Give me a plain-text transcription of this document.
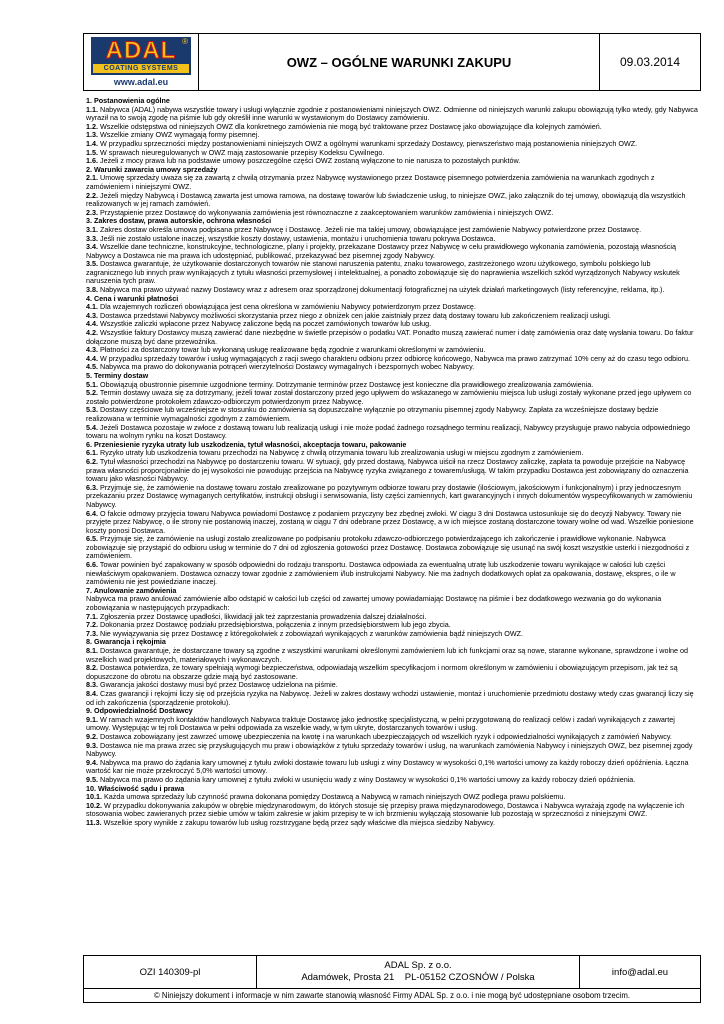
ADAL ®
COATING SYSTEMS
www.adal.eu
OWZ – OGÓLNE WARUNKI ZAKUPU	09.03.2014

1. Postanowienia ogólne

1.1. Nabywca (ADAL) nabywa wszystkie towary i usługi wyłącznie zgodnie z postanowieniami niniejszych OWZ. Odmienne od niniejszych warunki zakupu obowiązują tylko wtedy, gdy Nabywca wyraził na to swoją zgodę na piśmie lub gdy określił inne warunki w wystawionym do Dostawcy zamówieniu.

1.2. Wszelkie odstępstwa od niniejszych OWZ dla konkretnego zamówienia nie mogą być traktowane przez Dostawcę jako obowiązujące dla kolejnych zamówień.

1.3. Wszelkie zmiany OWZ wymagają formy pisemnej.

1.4. W przypadku sprzeczności między postanowieniami niniejszych OWZ a ogólnymi warunkami sprzedaży Dostawcy, pierwszeństwo mają postanowienia niniejszych OWZ.

1.5. W sprawach nieuregulowanych w OWZ mają zastosowanie przepisy Kodeksu Cywilnego.

1.6. Jeżeli z mocy prawa lub na podstawie umowy poszczególne części OWZ zostaną wyłączone to nie narusza to pozostałych punktów.

2. Warunki zawarcia umowy sprzedaży

2.1. Umowę sprzedaży uważa się za zawartą z chwilą otrzymania przez Nabywcę wystawionego przez Dostawcę pisemnego potwierdzenia zamówienia na warunkach zgodnych z zamówieniem i niniejszymi OWZ.

2.2. Jeżeli między Nabywcą i Dostawcą zawarta jest umowa ramowa, na dostawę towarów lub świadczenie usług, to niniejsze OWZ, jako załącznik do tej umowy, obowiązują dla wszystkich realizowanych w jej ramach zamówień.

2.3. Przystąpienie przez Dostawcę do wykonywania zamówienia jest równoznaczne z zaakceptowaniem warunków zamówienia i niniejszych OWZ.

3. Zakres dostaw, prawa autorskie, ochrona własności

3.1. Zakres dostaw określa umowa podpisana przez Nabywcę i Dostawcę. Jeżeli nie ma takiej umowy, obowiązujące jest zamówienie Nabywcy potwierdzone przez Dostawcę.

3.3. Jeśli nie zostało ustalone inaczej, wszystkie koszty dostawy, ustawienia, montażu i uruchomienia towaru pokrywa Dostawca.

3.4. Wszelkie dane techniczne, konstrukcyjne, technologiczne, plany i projekty, przekazane Dostawcy przez Nabywcę w celu prawidłowego wykonania zamówienia, pozostają własnością Nabywcy a Dostawca nie ma prawa ich udostępniać, publikować, przekazywać bez pisemnej zgody Nabywcy.

3.5. Dostawca gwarantuje, że użytkowanie dostarczonych towarów nie stanowi naruszenia patentu, znaku towarowego, zastrzeżonego wzoru użytkowego, symbolu polskiego lub zagranicznego lub innych praw wynikających z tytułu własności przemysłowej i intelektualnej, a ponadto zobowiązuje się do naprawienia wszelkich szkód wyrządzonych Nabywcy wskutek naruszenia tych praw.

3.8. Nabywca ma prawo używać nazwy Dostawcy wraz z adresem oraz sporządzonej dokumentacji fotograficznej na użytek działań marketingowych (listy referencyjne, reklama, itp.).

4. Cena i warunki płatności

4.1. Dla wzajemnych rozliczeń obowiązująca jest cena określona w zamówieniu Nabywcy potwierdzonym przez Dostawcę.

4.3. Dostawca przedstawi Nabywcy możliwości skorzystania przez niego z obniżek cen jakie zaistniały przez datą dostawy towaru lub zakończeniem realizacji usługi.

4.4. Wszystkie zaliczki wpłacone przez Nabywcę zaliczone będą na poczet zamówionych towarów lub usług.

4.2. Wszystkie faktury Dostawcy muszą zawierać dane niezbędne w świetle przepisów o podatku VAT. Ponadto muszą zawierać numer i datę zamówienia oraz datę wysłania towaru. Do faktur dołączone muszą być dane przewoźnika.

4.3. Płatności za dostarczony towar lub wykonaną usługę realizowane będą zgodnie z warunkami określonymi w zamówieniu.

4.4. W przypadku sprzedaży towarów i usług wymagających z racji swego charakteru odbioru przez odbiorcę końcowego, Nabywca ma prawo zatrzymać 10% ceny aż do czasu tego odbioru.

4.5. Nabywca ma prawo do dokonywania potrąceń wierzytelności Dostawcy wymagalnych i bezspornych wobec Nabywcy.

5. Terminy dostaw

5.1. Obowiązują obustronnie pisemnie uzgodnione terminy. Dotrzymanie terminów przez Dostawcę jest konieczne dla prawidłowego zrealizowania zamówienia.

5.2. Termin dostawy uważa się za dotrzymany, jeżeli towar został dostarczony przed jego upływem do wskazanego w zamówieniu miejsca lub usługi zostały wykonane przed jego upływem co zostało potwierdzone protokołem zdawczo-odbiorczym potwierdzonym przez Nabywcę.

5.3. Dostawy częściowe lub wcześniejsze w stosunku do zamówienia są dopuszczalne wyłącznie po otrzymaniu pisemnej zgody Nabywcy. Zapłata za wcześniejsze dostawy będzie realizowana w terminie wymagalności zgodnym z zamówieniem.

5.4. Jeżeli Dostawca pozostaje w zwłoce z dostawą towaru lub realizacją usługi i nie może podać żadnego rozsądnego terminu realizacji, Nabywcy przysługuje prawo nabycia odpowiedniego towaru na wolnym rynku na koszt Dostawcy.

6. Przeniesienie ryzyka utraty lub uszkodzenia, tytuł własności, akceptacja towaru, pakowanie

6.1. Ryzyko utraty lub uszkodzenia towaru przechodzi na Nabywcę z chwilą otrzymania towaru lub zrealizowania usługi w miejscu zgodnym z zamówieniem.

6.2. Tytuł własności przechodzi na Nabywcę po dostarczeniu towaru. W sytuacji, gdy przed dostawą, Nabywca uiścił na rzecz Dostawcy zaliczkę, zapłata ta powoduje przejście na Nabywcę prawa własności proporcjonalnie do jej wysokości nie powodując przejścia na Nabywcę ryzyka związanego z towarem/usługą. W takim przypadku Dostawca jest zobowiązany do oznaczenia towaru jako własności Nabywcy.

6.3. Przyjmuje się, że zamówienie na dostawę towaru zostało zrealizowane po pozytywnym odbiorze towaru przy dostawie (ilościowym, jakościowym i funkcjonalnym) i przy jednoczesnym przekazaniu przez Dostawcę wymaganych certyfikatów, instrukcji obsługi i serwisowania, listy części zamiennych, kart gwarancyjnych i innych dokumentów wyspecyfikowanych w zamówieniu Nabywcy.

6.4. O fakcie odmowy przyjęcia towaru Nabywca powiadomi Dostawcę z podaniem przyczyny bez zbędnej zwłoki. W ciągu 3 dni Dostawca ustosunkuje się do decyzji Nabywcy. Towary nie przyjęte przez Nabywcę, o ile strony nie postanowią inaczej, zostaną w ciągu 7 dni odebrane przez Dostawcę, a w ich miejsce zostaną dostarczone towary wolne od wad. Wszelkie poniesione koszty ponosi Dostawca.

6.5. Przyjmuje się, że zamówienie na usługi zostało zrealizowane po podpisaniu protokołu zdawczo-odbiorczego potwierdzającego ich zakończenie i prawidłowe wykonanie. Nabywca zobowiązuje się przystąpić do odbioru usług w terminie do 7 dni od zgłoszenia gotowości przez Dostawcę. Dostawca zobowiązuje się usunąć na swój koszt wszystkie usterki i niezgodności z zamówieniem.

6.6. Towar powinien być zapakowany w sposób odpowiedni do rodzaju transportu. Dostawca odpowiada za ewentualną utratę lub uszkodzenie towaru wynikające w całości lub części niewłaściwym opakowaniem. Dostawca oznaczy towar zgodnie z zamówieniem i/lub instrukcjami Nabywcy. Nie ma żadnych dodatkowych opłat za opakowania, dostawę, ekspres, o ile w zamówieniu nie jest powiedziane inaczej.

7. Anulowanie zamówienia

Nabywca ma prawo anulować zamówienie albo odstąpić w całości lub części od zawartej umowy powiadamiając Dostawcę na piśmie i bez dodatkowego wezwania go do wykonania zobowiązania w następujących przypadkach:

7.1. Zgłoszenia przez Dostawcę upadłości, likwidacji jak też zaprzestania prowadzenia dalszej działalności.

7.2. Dokonania przez Dostawcę podziału przedsiębiorstwa, połączenia z innym przedsiębiorstwem lub jego zbycia.

7.3. Nie wywiązywania się przez Dostawcę z któregokolwiek z zobowiązań wynikających z warunków zamówienia bądź niniejszych OWZ.

8. Gwarancja i rękojmia

8.1. Dostawca gwarantuje, że dostarczane towary są zgodne z wszystkimi warunkami określonymi zamówieniem lub ich funkcjami oraz są nowe, staranne wykonane, sprawdzone i wolne od wszelkich wad projektowych, materiałowych i wykonawczych.

8.2. Dostawca potwierdza, że towary spełniają wymogi bezpieczeństwa, odpowiadają wszelkim specyfikacjom i normom określonym w zamówieniu i obowiązującym przepisom, jak też są dopuszczone do obrotu na obszarze gdzie mają być zastosowane.

8.3. Gwarancja jakości dostawy musi być przez Dostawcę udzielona na piśmie.

8.4. Czas gwarancji i rękojmi liczy się od przejścia ryzyka na Nabywcę. Jeżeli w zakres dostawy wchodzi ustawienie, montaż i uruchomienie przedmiotu dostawy wtedy czas gwarancji liczy się od ich zakończenia (sporządzenie protokołu).

9. Odpowiedzialność Dostawcy

9.1. W ramach wzajemnych kontaktów handlowych Nabywca traktuje Dostawcę jako jednostkę specjalistyczną, w pełni przygotowaną do realizacji celów i zadań wynikających z zawartej umowy. Występując w tej roli Dostawca w pełni odpowiada za wszelkie wady, w tym ukryte, dostarczanych towarów i usług.

9.2. Dostawca zobowiązany jest zawrzeć umowę ubezpieczenia na kwotę i na warunkach ubezpieczających od wszelkich ryzyk i odpowiedzialności wynikających z zamówień Nabywcy.

9.3. Dostawca nie ma prawa zrzec się przysługujących mu praw i obowiązków z tytułu sprzedaży towarów i usług, na warunkach zamówienia Nabywcy i niniejszych OWZ, bez pisemnej zgody Nabywcy.

9.4. Nabywca ma prawo do żądania kary umownej z tytułu zwłoki dostawie towaru lub usługi z winy Dostawcy w wysokości 0,1% wartości umowy za każdy roboczy dzień opóźnienia. Łączna wartość kar nie może przekroczyć 5,0% wartości umowy.

9.5. Nabywca ma prawo do żądania kary umownej z tytułu zwłoki w usunięciu wady z winy Dostawcy w wysokości 0,1% wartości umowy za każdy roboczy dzień opóźnienia.

10. Właściwość sądu i prawa

10.1. Każda umowa sprzedaży lub czynność prawna dokonana pomiędzy Dostawcą a Nabywcą w ramach niniejszych OWZ podlega prawu polskiemu.

10.2. W przypadku dokonywania zakupów w obrębie międzynarodowym, do których stosuje się przepisy prawa międzynarodowego, Dostawca i Nabywca wyrażają zgodę na wyłączenie ich stosowania wobec zawieranych przez siebie umów w takim zakresie w jakim przepisy te w ich brzmieniu wyłączają stosowanie lub pozostają w sprzeczności z niniejszymi OWZ.

11.3. Wszelkie spory wynikłe z zakupu towarów lub usług rozstrzygane będą przez sądy właściwe dla miejsca siedziby Nabywcy.

OZI 140309-pl
ADAL Sp. z o.o.
Adamówek, Prosta 21    PL-05152 CZOSNÓW / Polska	info@adal.eu
© Niniejszy dokument i informacje w nim zawarte stanowią własność Firmy ADAL Sp. z o.o. i nie mogą być udostępniane osobom trzecim.
